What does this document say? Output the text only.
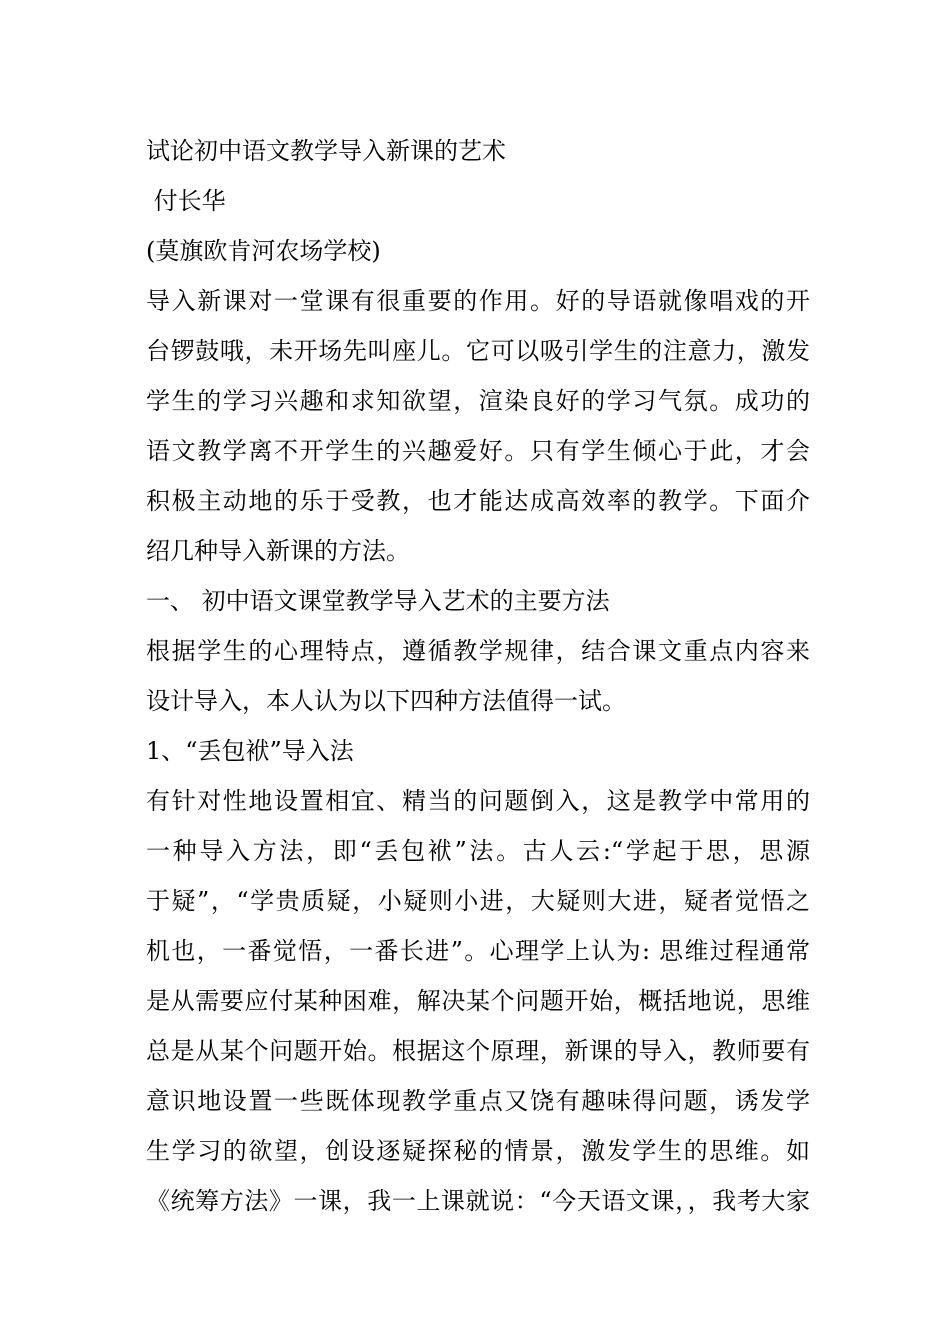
试论初中语文教学导入新课的艺术
付长华
(莫旗欧肯河农场学校)
导入新课对一堂课有很重要的作用。好的导语就像唱戏的开
台锣鼓哦，未开场先叫座儿。它可以吸引学生的注意力，激发
学生的学习兴趣和求知欲望，渲染良好的学习气氛。成功的
语文教学离不开学生的兴趣爱好。只有学生倾心于此，才会
积极主动地的乐于受教，也才能达成高效率的教学。下面介
绍几种导入新课的方法。
一、 初中语文课堂教学导入艺术的主要方法
根据学生的心理特点，遵循教学规律，结合课文重点内容来
设计导入，本人认为以下四种方法值得一试。
1、“丢包袱”导入法
有针对性地设置相宜、精当的问题倒入，这是教学中常用的
一种导入方法，即“丢包袱”法。古人云:“学起于思，思源
于疑”，“学贵质疑，小疑则小进，大疑则大进，疑者觉悟之
机也，一番觉悟，一番长进”。心理学上认为: 思维过程通常
是从需要应付某种困难，解决某个问题开始，概括地说，思维
总是从某个问题开始。根据这个原理，新课的导入，教师要有
意识地设置一些既体现教学重点又饶有趣味得问题，诱发学
生学习的欲望，创设逐疑探秘的情景，激发学生的思维。如
《统筹方法》一课，我一上课就说：“今天语文课，，我考大家
